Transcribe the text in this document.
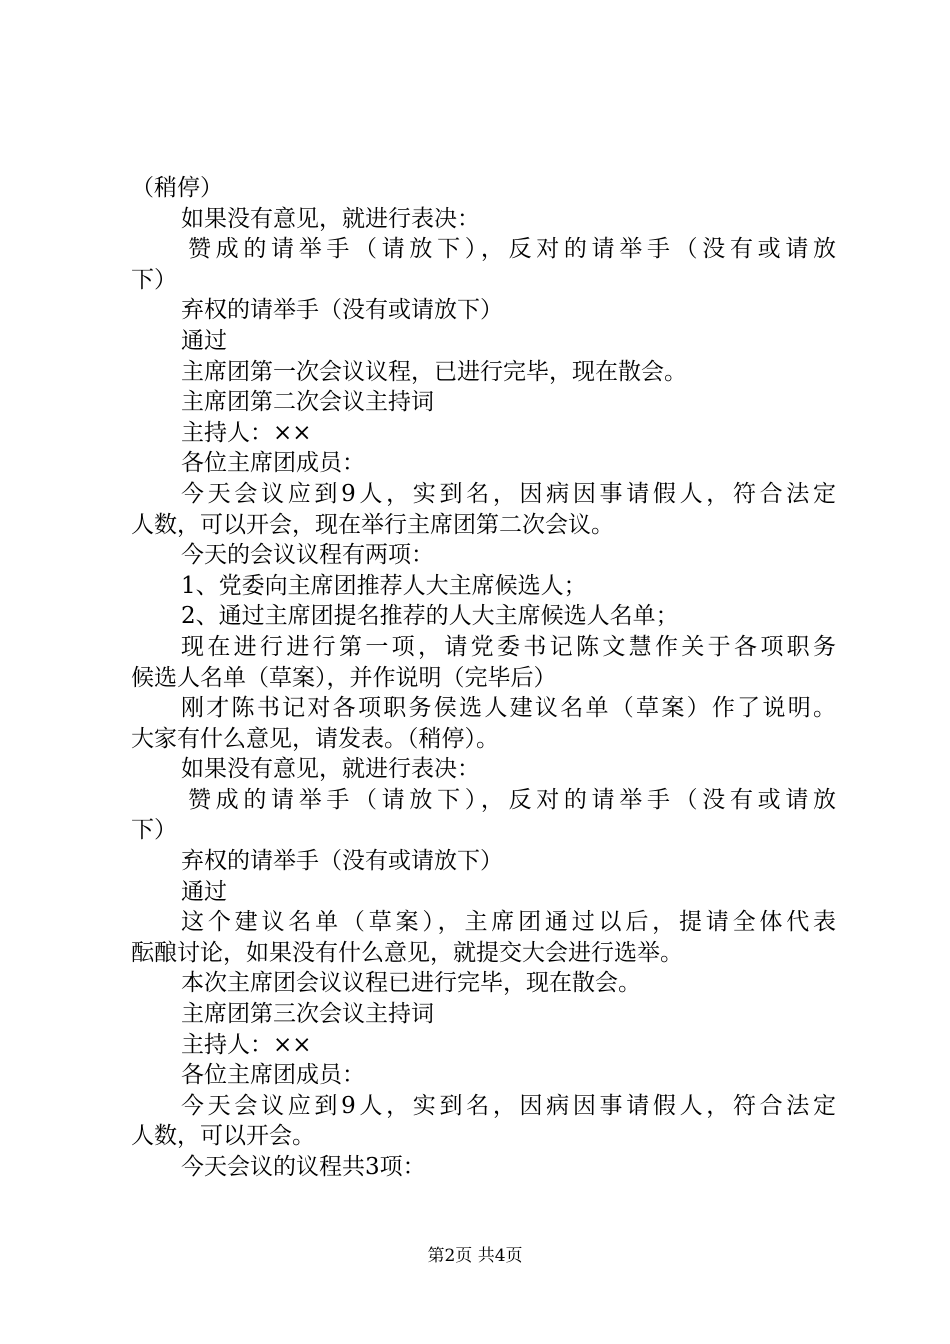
（稍停）

如果没有意见，就进行表决：

赞成的请举手（请放下），反对的请举手（没有或请放

下）

弃权的请举手（没有或请放下）

通过

主席团第一次会议议程，已进行完毕，现在散会。

主席团第二次会议主持词

主持人：××

各位主席团成员：

今天会议应到9人，实到名，因病因事请假人，符合法定

人数，可以开会，现在举行主席团第二次会议。

今天的会议议程有两项：

1、党委向主席团推荐人大主席候选人；

2、通过主席团提名推荐的人大主席候选人名单；

现在进行进行第一项，请党委书记陈文慧作关于各项职务

候选人名单（草案），并作说明（完毕后）

刚才陈书记对各项职务侯选人建议名单（草案）作了说明。

大家有什么意见，请发表。（稍停）。

如果没有意见，就进行表决：

赞成的请举手（请放下），反对的请举手（没有或请放

下）

弃权的请举手（没有或请放下）

通过

这个建议名单（草案），主席团通过以后，提请全体代表

酝酿讨论，如果没有什么意见，就提交大会进行选举。

本次主席团会议议程已进行完毕，现在散会。

主席团第三次会议主持词

主持人：××

各位主席团成员：

今天会议应到9人，实到名，因病因事请假人，符合法定

人数，可以开会。

今天会议的议程共3项：

第2页 共4页
